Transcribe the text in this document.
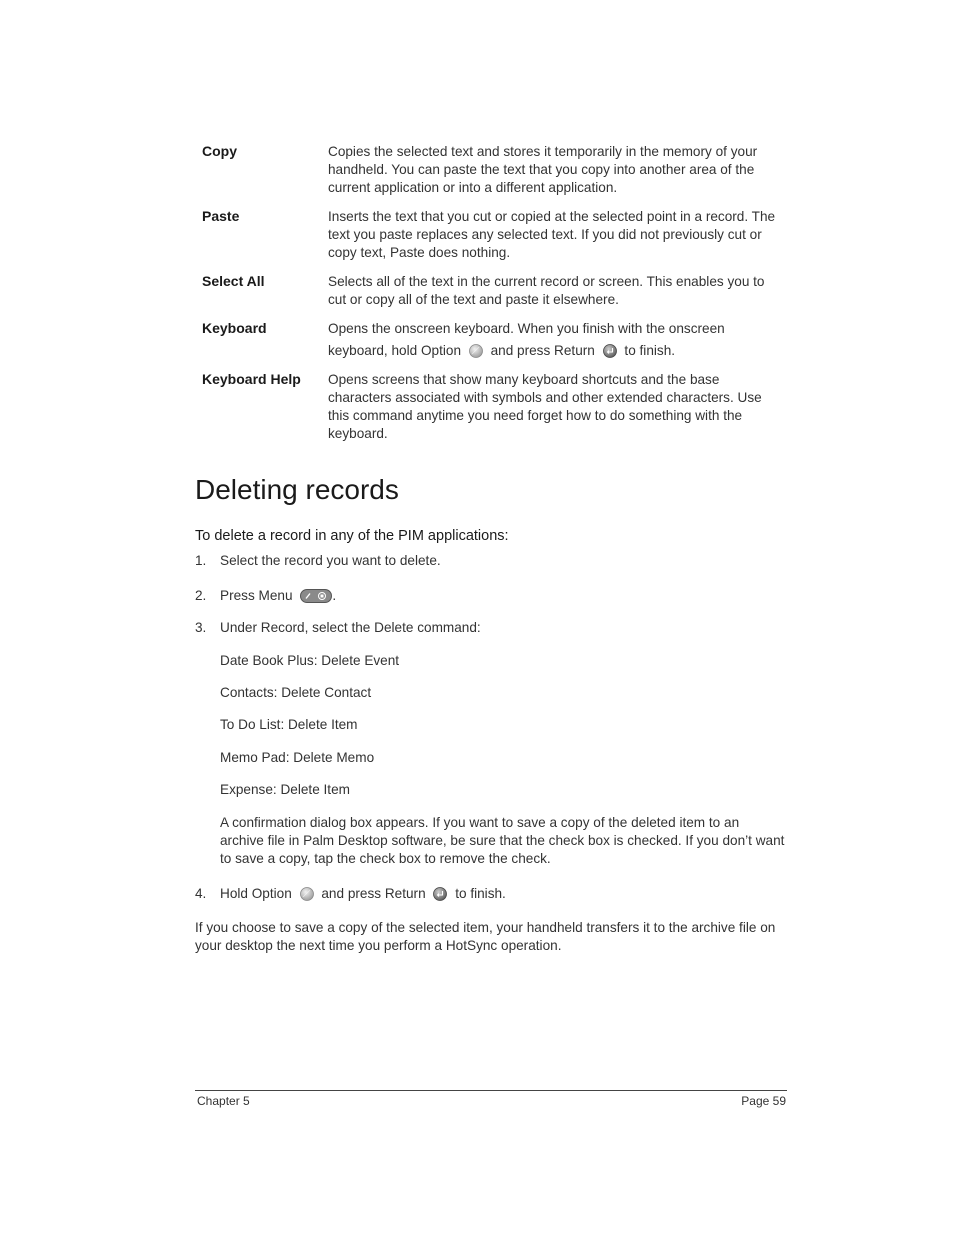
Copy	Copies the selected text and stores it temporarily in the memory of your handheld. You can paste the text that you copy into another area of the current application or into a different application.
Paste	Inserts the text that you cut or copied at the selected point in a record. The text you paste replaces any selected text. If you did not previously cut or copy text, Paste does nothing.
Select All	Selects all of the text in the current record or screen. This enables you to cut or copy all of the text and paste it elsewhere.
Keyboard	Opens the onscreen keyboard. When you finish with the onscreen
keyboard, hold Option and press Return to finish.
Keyboard Help Opens screens that show many keyboard shortcuts and the base characters associated with symbols and other extended characters. Use this command anytime you need forget how to do something with the keyboard.
Deleting records
To delete a record in any of the PIM applications:
1. Select the record you want to delete.
2. Press Menu	.
3. Under Record, select the Delete command:
Date Book Plus: Delete Event
Contacts: Delete Contact
To Do List: Delete Item
Memo Pad: Delete Memo
Expense: Delete Item
A confirmation dialog box appears. If you want to save a copy of the deleted item to an archive file in Palm Desktop software, be sure that the check box is checked. If you don’t want to save a copy, tap the check box to remove the check.
4. Hold Option and press Return to finish.
If you choose to save a copy of the selected item, your handheld transfers it to the archive file on your desktop the next time you perform a HotSync operation.
Chapter 5	Page 59
